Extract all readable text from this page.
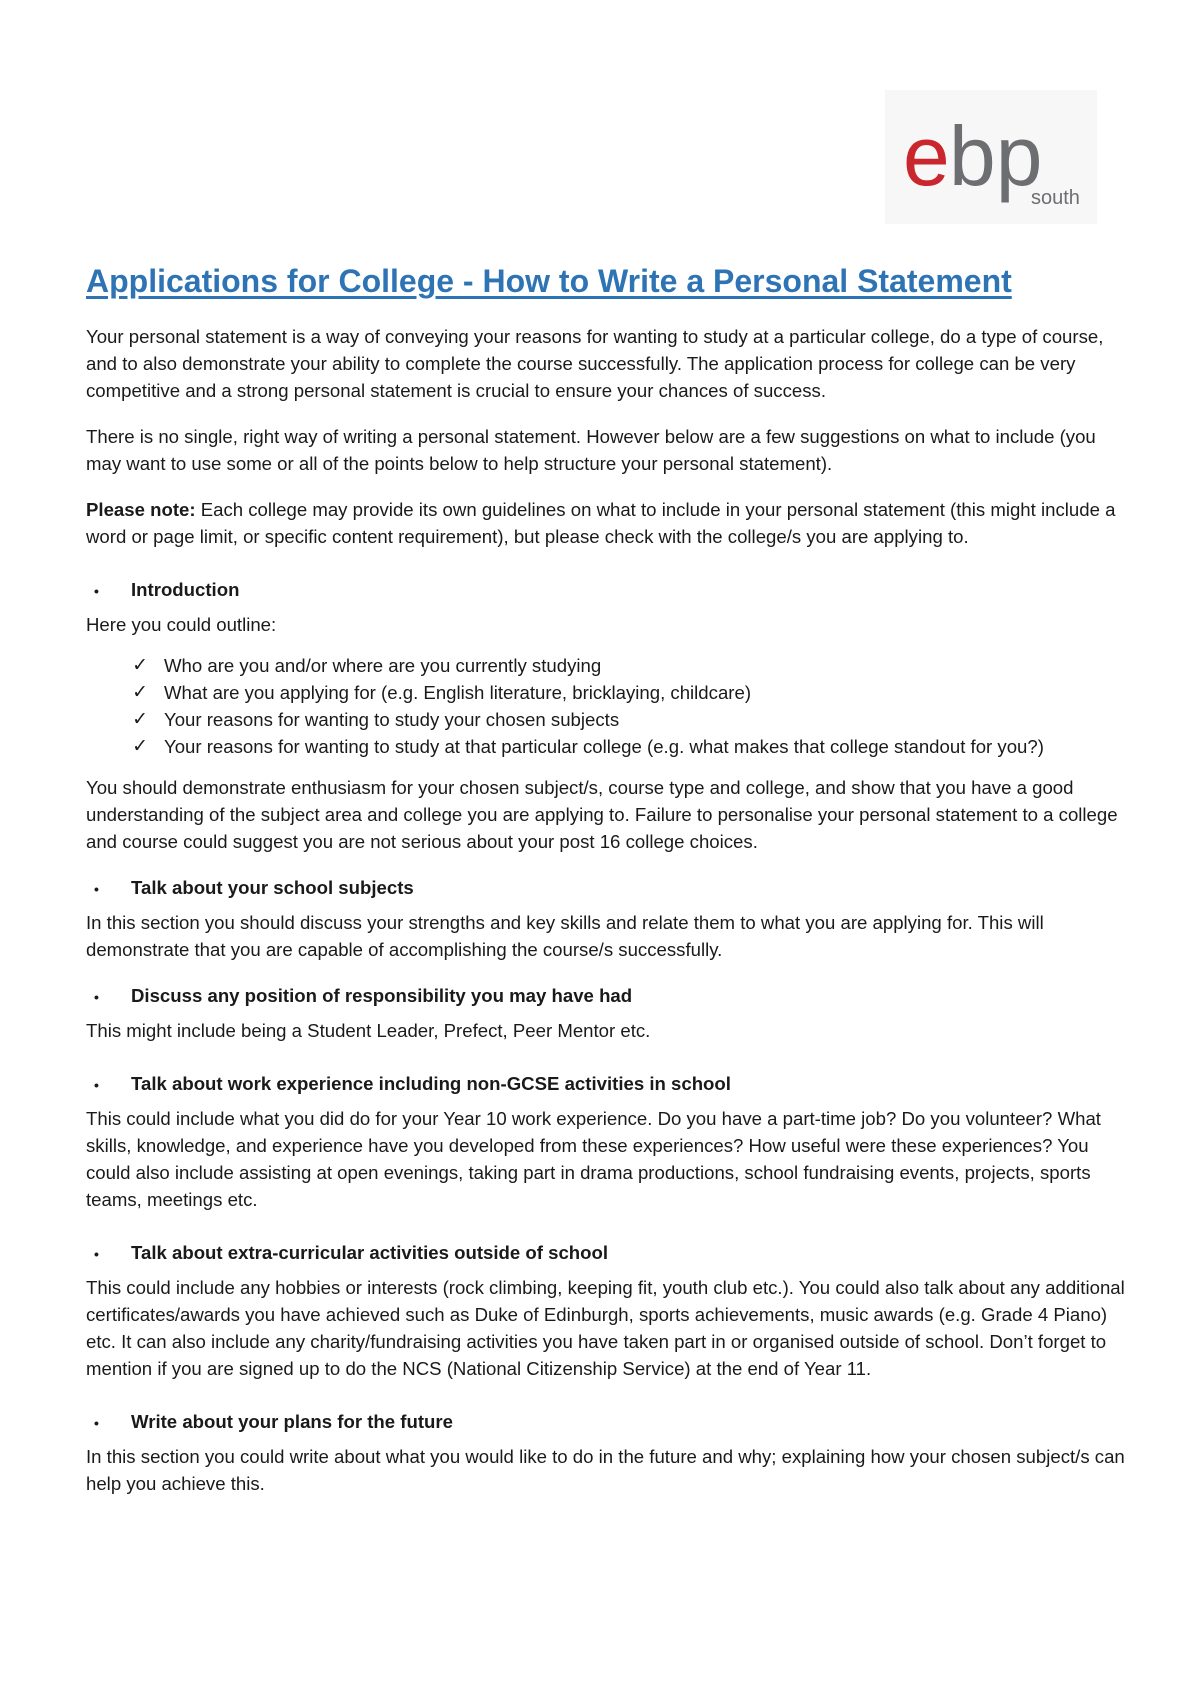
e bp
south
Applications for College - How to Write a Personal Statement

Your personal statement is a way of conveying your reasons for wanting to study at a particular college, do a type of course, and to also demonstrate your ability to complete the course successfully. The application process for college can be very competitive and a strong personal statement is crucial to ensure your chances of success.

There is no single, right way of writing a personal statement. However below are a few suggestions on what to include (you may want to use some or all of the points below to help structure your personal statement).

Please note: Each college may provide its own guidelines on what to include in your personal statement (this might include a word or page limit, or specific content requirement), but please check with the college/s you are applying to.

•	Introduction

Here you could outline:

✓ Who are you and/or where are you currently studying
✓ What are you applying for (e.g. English literature, bricklaying, childcare)
✓ Your reasons for wanting to study your chosen subjects
✓ Your reasons for wanting to study at that particular college (e.g. what makes that college standout for you?)

You should demonstrate enthusiasm for your chosen subject/s, course type and college, and show that you have a good understanding of the subject area and college you are applying to. Failure to personalise your personal statement to a college and course could suggest you are not serious about your post 16 college choices.

•	Talk about your school subjects

In this section you should discuss your strengths and key skills and relate them to what you are applying for. This will demonstrate that you are capable of accomplishing the course/s successfully.

•	Discuss any position of responsibility you may have had

This might include being a Student Leader, Prefect, Peer Mentor etc.

•	Talk about work experience including non-GCSE activities in school

This could include what you did do for your Year 10 work experience. Do you have a part-time job? Do you volunteer? What skills, knowledge, and experience have you developed from these experiences? How useful were these experiences? You could also include assisting at open evenings, taking part in drama productions, school fundraising events, projects, sports teams, meetings etc.

•	Talk about extra-curricular activities outside of school

This could include any hobbies or interests (rock climbing, keeping fit, youth club etc.). You could also talk about any additional certificates/awards you have achieved such as Duke of Edinburgh, sports achievements, music awards (e.g. Grade 4 Piano) etc. It can also include any charity/fundraising activities you have taken part in or organised outside of school. Don’t forget to mention if you are signed up to do the NCS (National Citizenship Service) at the end of Year 11.

•	Write about your plans for the future

In this section you could write about what you would like to do in the future and why; explaining how your chosen subject/s can help you achieve this.
